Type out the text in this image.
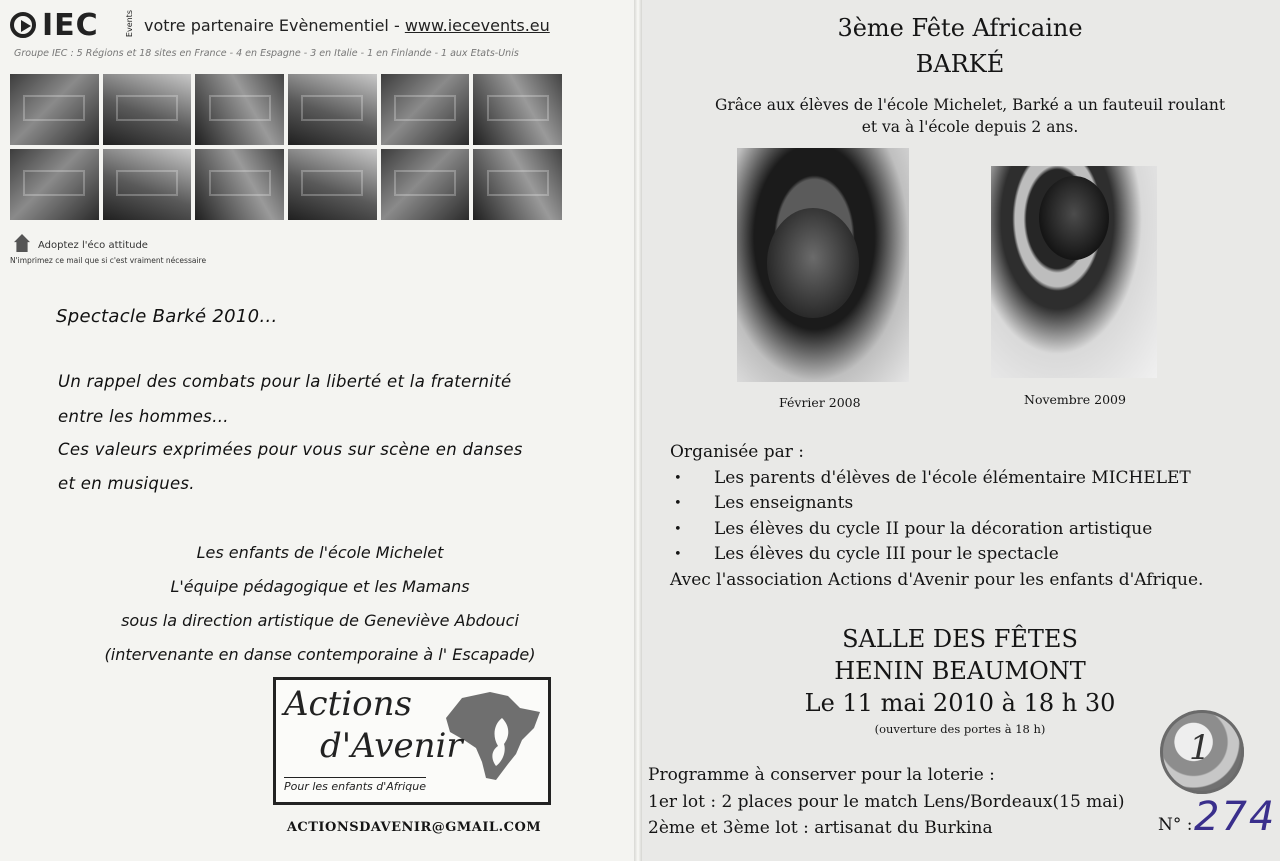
IEC	Events votre partenaire Evènementiel - www.iecevents.eu
Groupe IEC : 5 Régions et 18 sites en France - 4 en Espagne - 3 en Italie - 1 en Finlande - 1 aux Etats-Unis
Adoptez l'éco attitude
N'imprimez ce mail que si c'est vraiment nécessaire
Spectacle Barké 2010…
Un rappel des combats pour la liberté et la fraternité
entre les hommes…
Ces valeurs exprimées pour vous sur scène en danses
et en musiques.
Les enfants de l'école Michelet
L'équipe pédagogique et les Mamans
sous la direction artistique de Geneviève Abdouci
(intervenante en danse contemporaine à l' Escapade)
Actions
d'Avenir
Pour les enfants d'Afrique
ACTIONSDAVENIR@GMAIL.COM
3ème Fête Africaine
BARKÉ
Grâce aux élèves de l'école Michelet, Barké a un fauteuil roulant
et va à l'école depuis 2 ans.
Février 2008	Novembre 2009
Organisée par :
• Les parents d'élèves de l'école élémentaire MICHELET
• Les enseignants
• Les élèves du cycle II pour la décoration artistique
• Les élèves du cycle III pour le spectacle
Avec l'association Actions d'Avenir pour les enfants d'Afrique.
SALLE DES FÊTES
HENIN BEAUMONT
Le 11 mai 2010 à 18 h 30
(ouverture des portes à 18 h)
Programme à conserver pour la loterie :
1er lot : 2 places pour le match Lens/Bordeaux(15 mai)
2ème et 3ème lot : artisanat du Burkina
1
N° : 274
